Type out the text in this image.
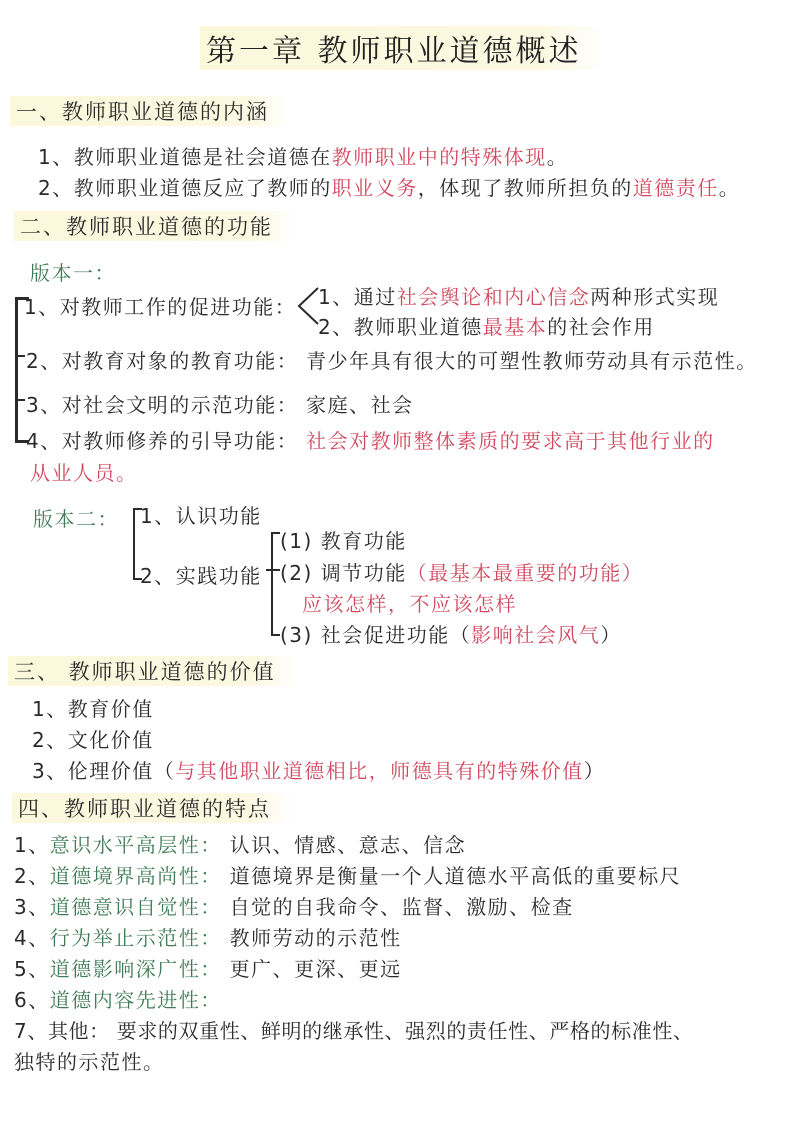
第一章 教师职业道德概述
一、教师职业道德的内涵
1、教师职业道德是社会道德在教师职业中的特殊体现。
2、教师职业道德反应了教师的职业义务，体现了教师所担负的道德责任。
二、教师职业道德的功能
版本一：
1、对教师工作的促进功能： 1、通过社会舆论和内心信念两种形式实现
2、教师职业道德最基本的社会作用
2、对教育对象的教育功能： 青少年具有很大的可塑性教师劳动具有示范性。
3、对社会文明的示范功能： 家庭、社会
4、对教师修养的引导功能： 社会对教师整体素质的要求高于其他行业的
从业人员。
版本二： 1、认识功能
2、实践功能
(1) 教育功能
(2) 调节功能（最基本最重要的功能）
应该怎样，不应该怎样
(3) 社会促进功能（影响社会风气）
三、 教师职业道德的价值
1、教育价值
2、文化价值
3、伦理价值（与其他职业道德相比，师德具有的特殊价值）
四、教师职业道德的特点
1、意识水平高层性： 认识、情感、意志、信念
2、道德境界高尚性： 道德境界是衡量一个人道德水平高低的重要标尺
3、道德意识自觉性： 自觉的自我命令、监督、激励、检查
4、行为举止示范性： 教师劳动的示范性
5、道德影响深广性： 更广、更深、更远
6、道德内容先进性：
7、其他： 要求的双重性、鲜明的继承性、强烈的责任性、严格的标准性、
独特的示范性。
